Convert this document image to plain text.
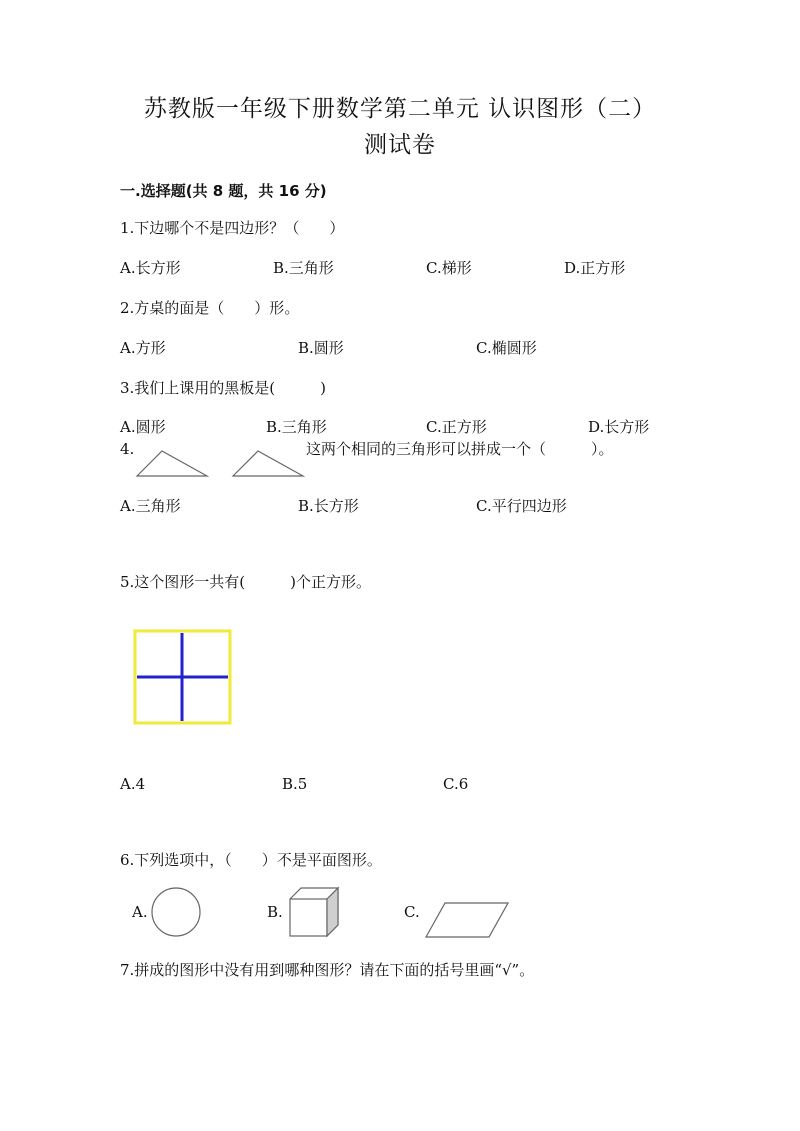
苏教版一年级下册数学第二单元 认识图形（二）
测试卷
一.选择题(共 8 题，共 16 分)
1.下边哪个不是四边形？（　　）
A.长方形	B.三角形	C.梯形	D.正方形
2.方桌的面是（　　）形。
A.方形	B.圆形	C.椭圆形
3.我们上课用的黑板是(　　　)
A.圆形	B.三角形	C.正方形	D.长方形
4.	这两个相同的三角形可以拼成一个（　　　）。
A.三角形	B.长方形	C.平行四边形
5.这个图形一共有(　　　)个正方形。
A.4	B.5	C.6
6.下列选项中，（　　）不是平面图形。
A.	B.	C.
7.拼成的图形中没有用到哪种图形？请在下面的括号里画“√”。
